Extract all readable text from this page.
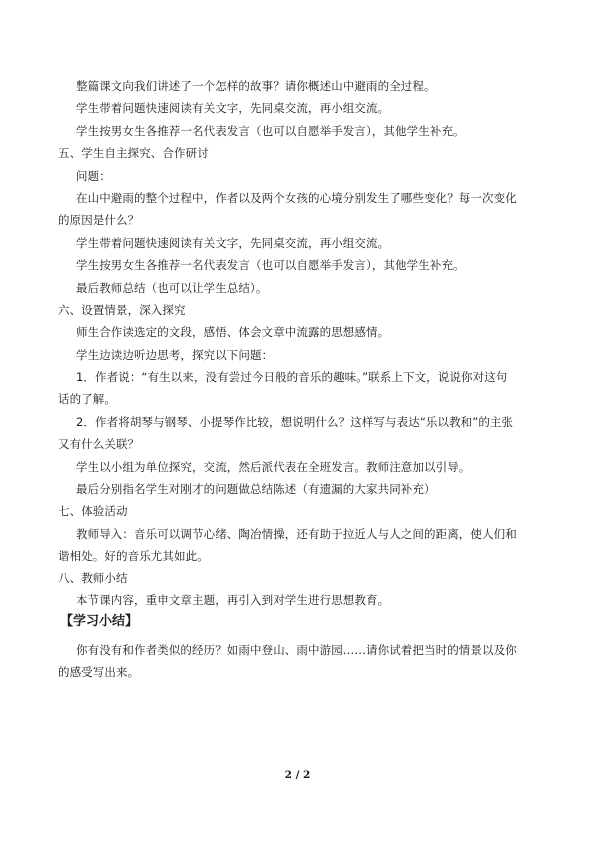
整篇课文向我们讲述了一个怎样的故事？请你概述山中避雨的全过程。
学生带着问题快速阅读有关文字，先同桌交流，再小组交流。
学生按男女生各推荐一名代表发言（也可以自愿举手发言），其他学生补充。
五、学生自主探究、合作研讨
问题：
在山中避雨的整个过程中，作者以及两个女孩的心境分别发生了哪些变化？每一次变化
的原因是什么？
学生带着问题快速阅读有关文字，先同桌交流，再小组交流。
学生按男女生各推荐一名代表发言（也可以自愿举手发言），其他学生补充。
最后教师总结（也可以让学生总结）。
六、设置情景，深入探究
师生合作读选定的文段，感悟、体会文章中流露的思想感情。
学生边读边听边思考，探究以下问题：
1．作者说：“有生以来，没有尝过今日般的音乐的趣味。”联系上下文，说说你对这句
话的了解。
2．作者将胡琴与钢琴、小提琴作比较，想说明什么？这样写与表达“乐以教和”的主张
又有什么关联？
学生以小组为单位探究，交流，然后派代表在全班发言。教师注意加以引导。
最后分别指名学生对刚才的问题做总结陈述（有遗漏的大家共同补充）
七、体验活动
教师导入：音乐可以调节心绪、陶冶情操，还有助于拉近人与人之间的距离，使人们和
谐相处。好的音乐尤其如此。
八、教师小结
本节课内容，重申文章主题，再引入到对学生进行思想教育。
【学习小结】
你有没有和作者类似的经历？如雨中登山、雨中游园……请你试着把当时的情景以及你
的感受写出来。
2 / 2
